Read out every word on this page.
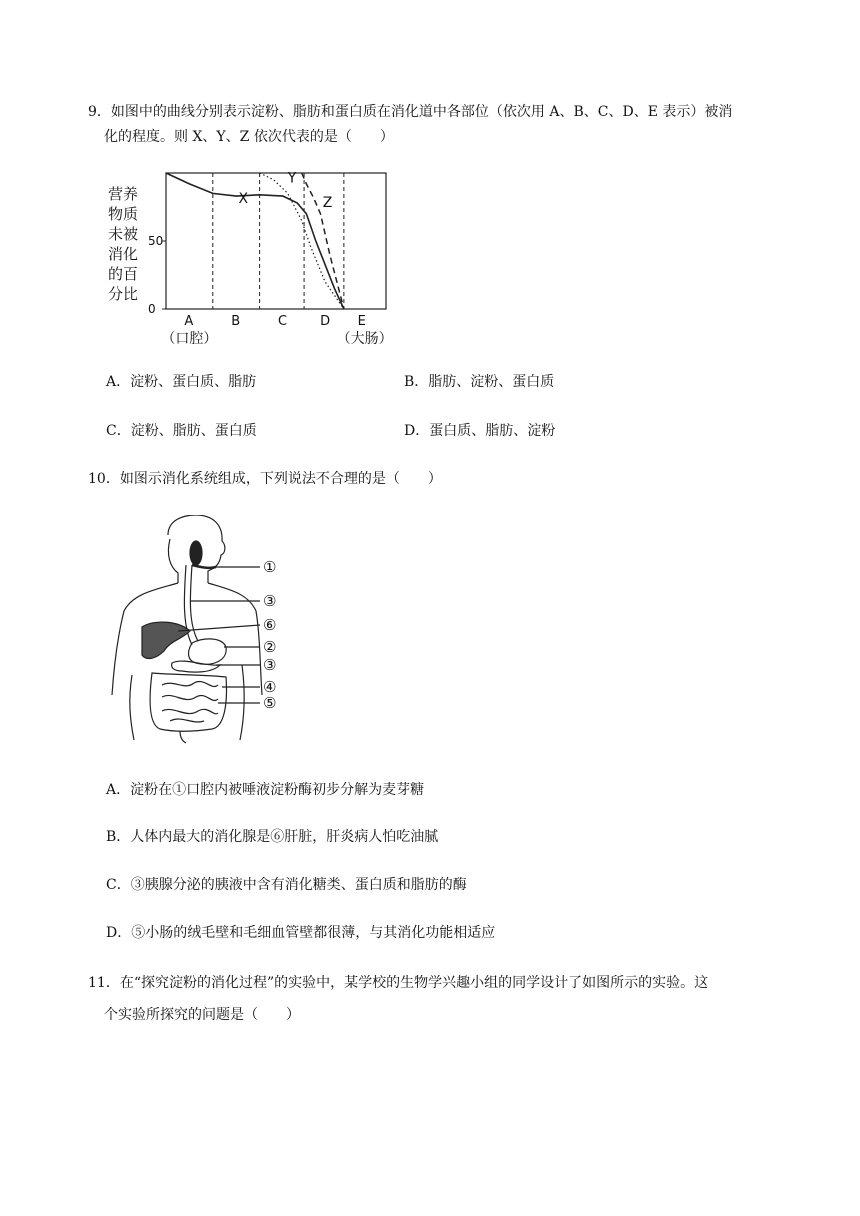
9．如图中的曲线分别表示淀粉、脂肪和蛋白质在消化道中各部位（依次用 A、B、C、D、E 表示）被消
化的程度。则 X、Y、Z 依次代表的是（　　）
营养
物质
未被
消化
的百
分比
50
0
A	B	C	D E
（口腔）	（大肠）
X
Y
Z
A．淀粉、蛋白质、脂肪	B．脂肪、淀粉、蛋白质
C．淀粉、脂肪、蛋白质	D．蛋白质、脂肪、淀粉
10．如图示消化系统组成，下列说法不合理的是（　　）
①
③
⑥
②
③
④
⑤
A．淀粉在①口腔内被唾液淀粉酶初步分解为麦芽糖
B．人体内最大的消化腺是⑥肝脏，肝炎病人怕吃油腻
C．③胰腺分泌的胰液中含有消化糖类、蛋白质和脂肪的酶
D．⑤小肠的绒毛壁和毛细血管壁都很薄，与其消化功能相适应
11．在“探究淀粉的消化过程”的实验中，某学校的生物学兴趣小组的同学设计了如图所示的实验。这
个实验所探究的问题是（　　）
